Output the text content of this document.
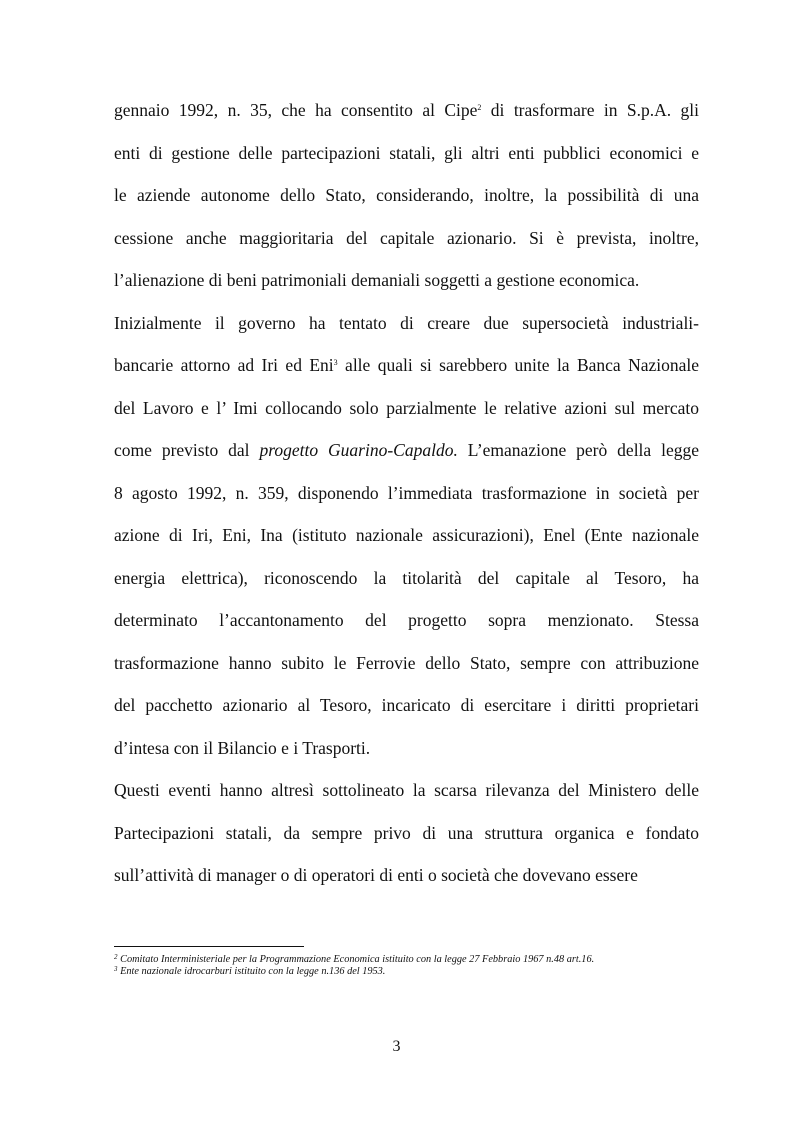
gennaio 1992, n. 35, che ha consentito al Cipe$^2$ di trasformare in S.p.A. gli
enti di gestione delle partecipazioni statali, gli altri enti pubblici economici e
le aziende autonome dello Stato, considerando, inoltre, la possibilità di una
cessione anche maggioritaria del capitale azionario. Si è prevista, inoltre,
l’alienazione di beni patrimoniali demaniali soggetti a gestione economica.
Inizialmente il governo ha tentato di creare due supersocietà industriali-
bancarie attorno ad Iri ed Eni$^3$ alle quali si sarebbero unite la Banca Nazionale
del Lavoro e l’ Imi collocando solo parzialmente le relative azioni sul mercato
come previsto dal progetto Guarino-Capaldo. L’emanazione però della legge
8 agosto 1992, n. 359, disponendo l’immediata trasformazione in società per
azione di Iri, Eni, Ina (istituto nazionale assicurazioni), Enel (Ente nazionale
energia elettrica), riconoscendo la titolarità del capitale al Tesoro, ha
determinato l’accantonamento del progetto sopra menzionato. Stessa
trasformazione hanno subito le Ferrovie dello Stato, sempre con attribuzione
del pacchetto azionario al Tesoro, incaricato di esercitare i diritti proprietari
d’intesa con il Bilancio e i Trasporti.
Questi eventi hanno altresì sottolineato la scarsa rilevanza del Ministero delle
Partecipazioni statali, da sempre privo di una struttura organica e fondato
sull’attività di manager o di operatori di enti o società che dovevano essere
$^2$ Comitato Interministeriale per la Programmazione Economica istituito con la legge 27 Febbraio 1967 n.48 art.16.
$^3$ Ente nazionale idrocarburi istituito con la legge n.136 del 1953.
3
